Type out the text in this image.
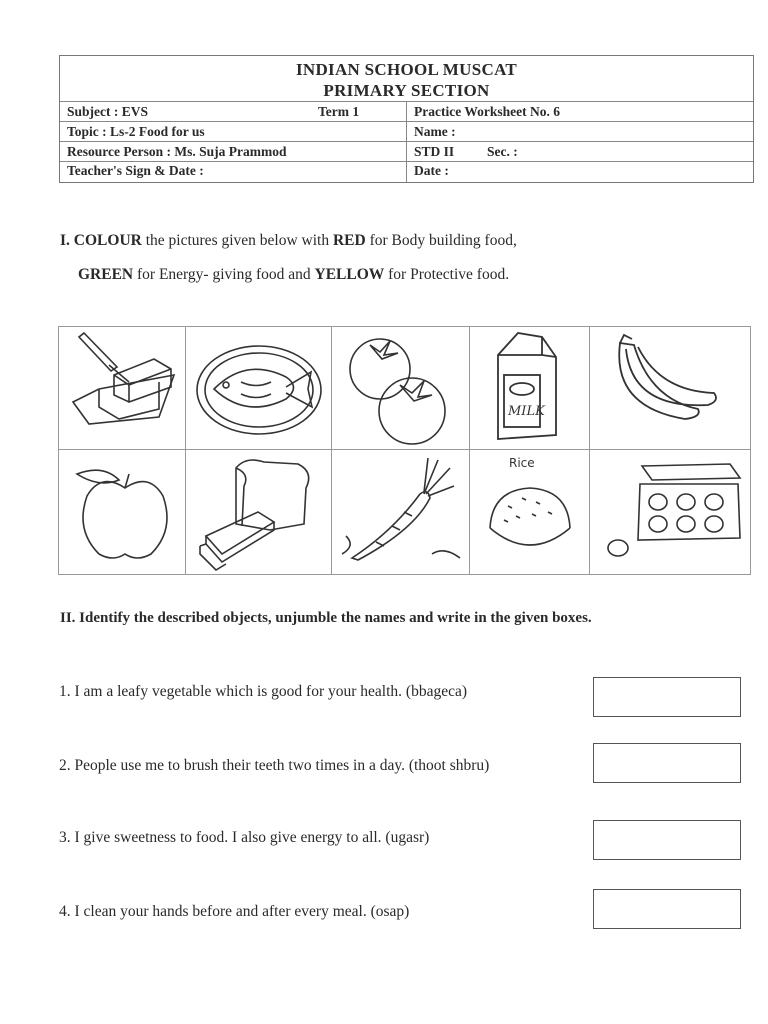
INDIAN SCHOOL MUSCAT
PRIMARY SECTION
Subject : EVS	Term 1	Practice Worksheet No. 6
Topic : Ls-2 Food for us	Name :
Resource Person : Ms. Suja Prammod	STD II Sec. :
Teacher's Sign & Date :	Date :
I. COLOUR the pictures given below with RED for Body building food,
GREEN for Energy- giving food and YELLOW for Protective food.
MILK
Rice
II. Identify the described objects, unjumble the names and write in the given boxes.
1. I am a leafy vegetable which is good for your health. (bbageca)
2. People use me to brush their teeth two times in a day. (thoot shbru)
3. I give sweetness to food. I also give energy to all. (ugasr)
4. I clean your hands before and after every meal. (osap)
